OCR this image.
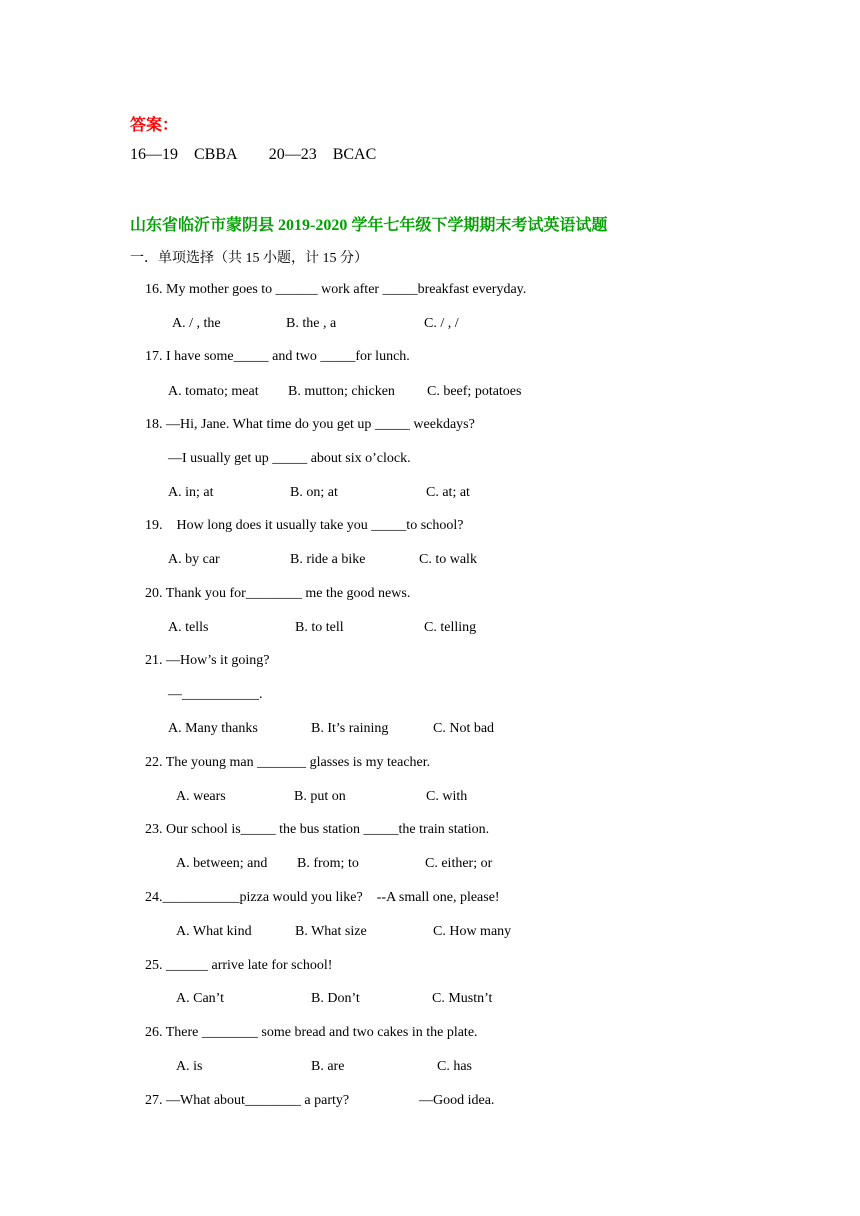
答案：
16—19    CBBA        20—23    BCAC
山东省临沂市蒙阴县 2019-2020 学年七年级下学期期末考试英语试题
一．单项选择（共 15 小题，计 15 分）
16. My mother goes to ______ work after _____breakfast everyday.
A. / , the	B. the , a	C. / , /
17. I have some_____ and two _____for lunch.
A. tomato; meat B. mutton; chicken C. beef; potatoes
18. —Hi, Jane. What time do you get up _____ weekdays?
—I usually get up _____ about six o’clock.
A. in; at	B. on; at	C. at; at
19.    How long does it usually take you _____to school?
A. by car	B. ride a bike	C. to walk
20. Thank you for________ me the good news.
A. tells	B. to tell	C. telling
21. —How’s it going?
—___________.
A. Many thanks	B. It’s raining	C. Not bad
22. The young man _______ glasses is my teacher.
A. wears	B. put on	C. with
23. Our school is_____ the bus station _____the train station.
A. between; and B. from; to	C. either; or
24.___________pizza would you like?    --A small one, please!
A. What kind	B. What size	C. How many
25. ______ arrive late for school!
A. Can’t	B. Don’t	C. Mustn’t
26. There ________ some bread and two cakes in the plate.
A. is	B. are	C. has
27. —What about________ a party?	—Good idea.
